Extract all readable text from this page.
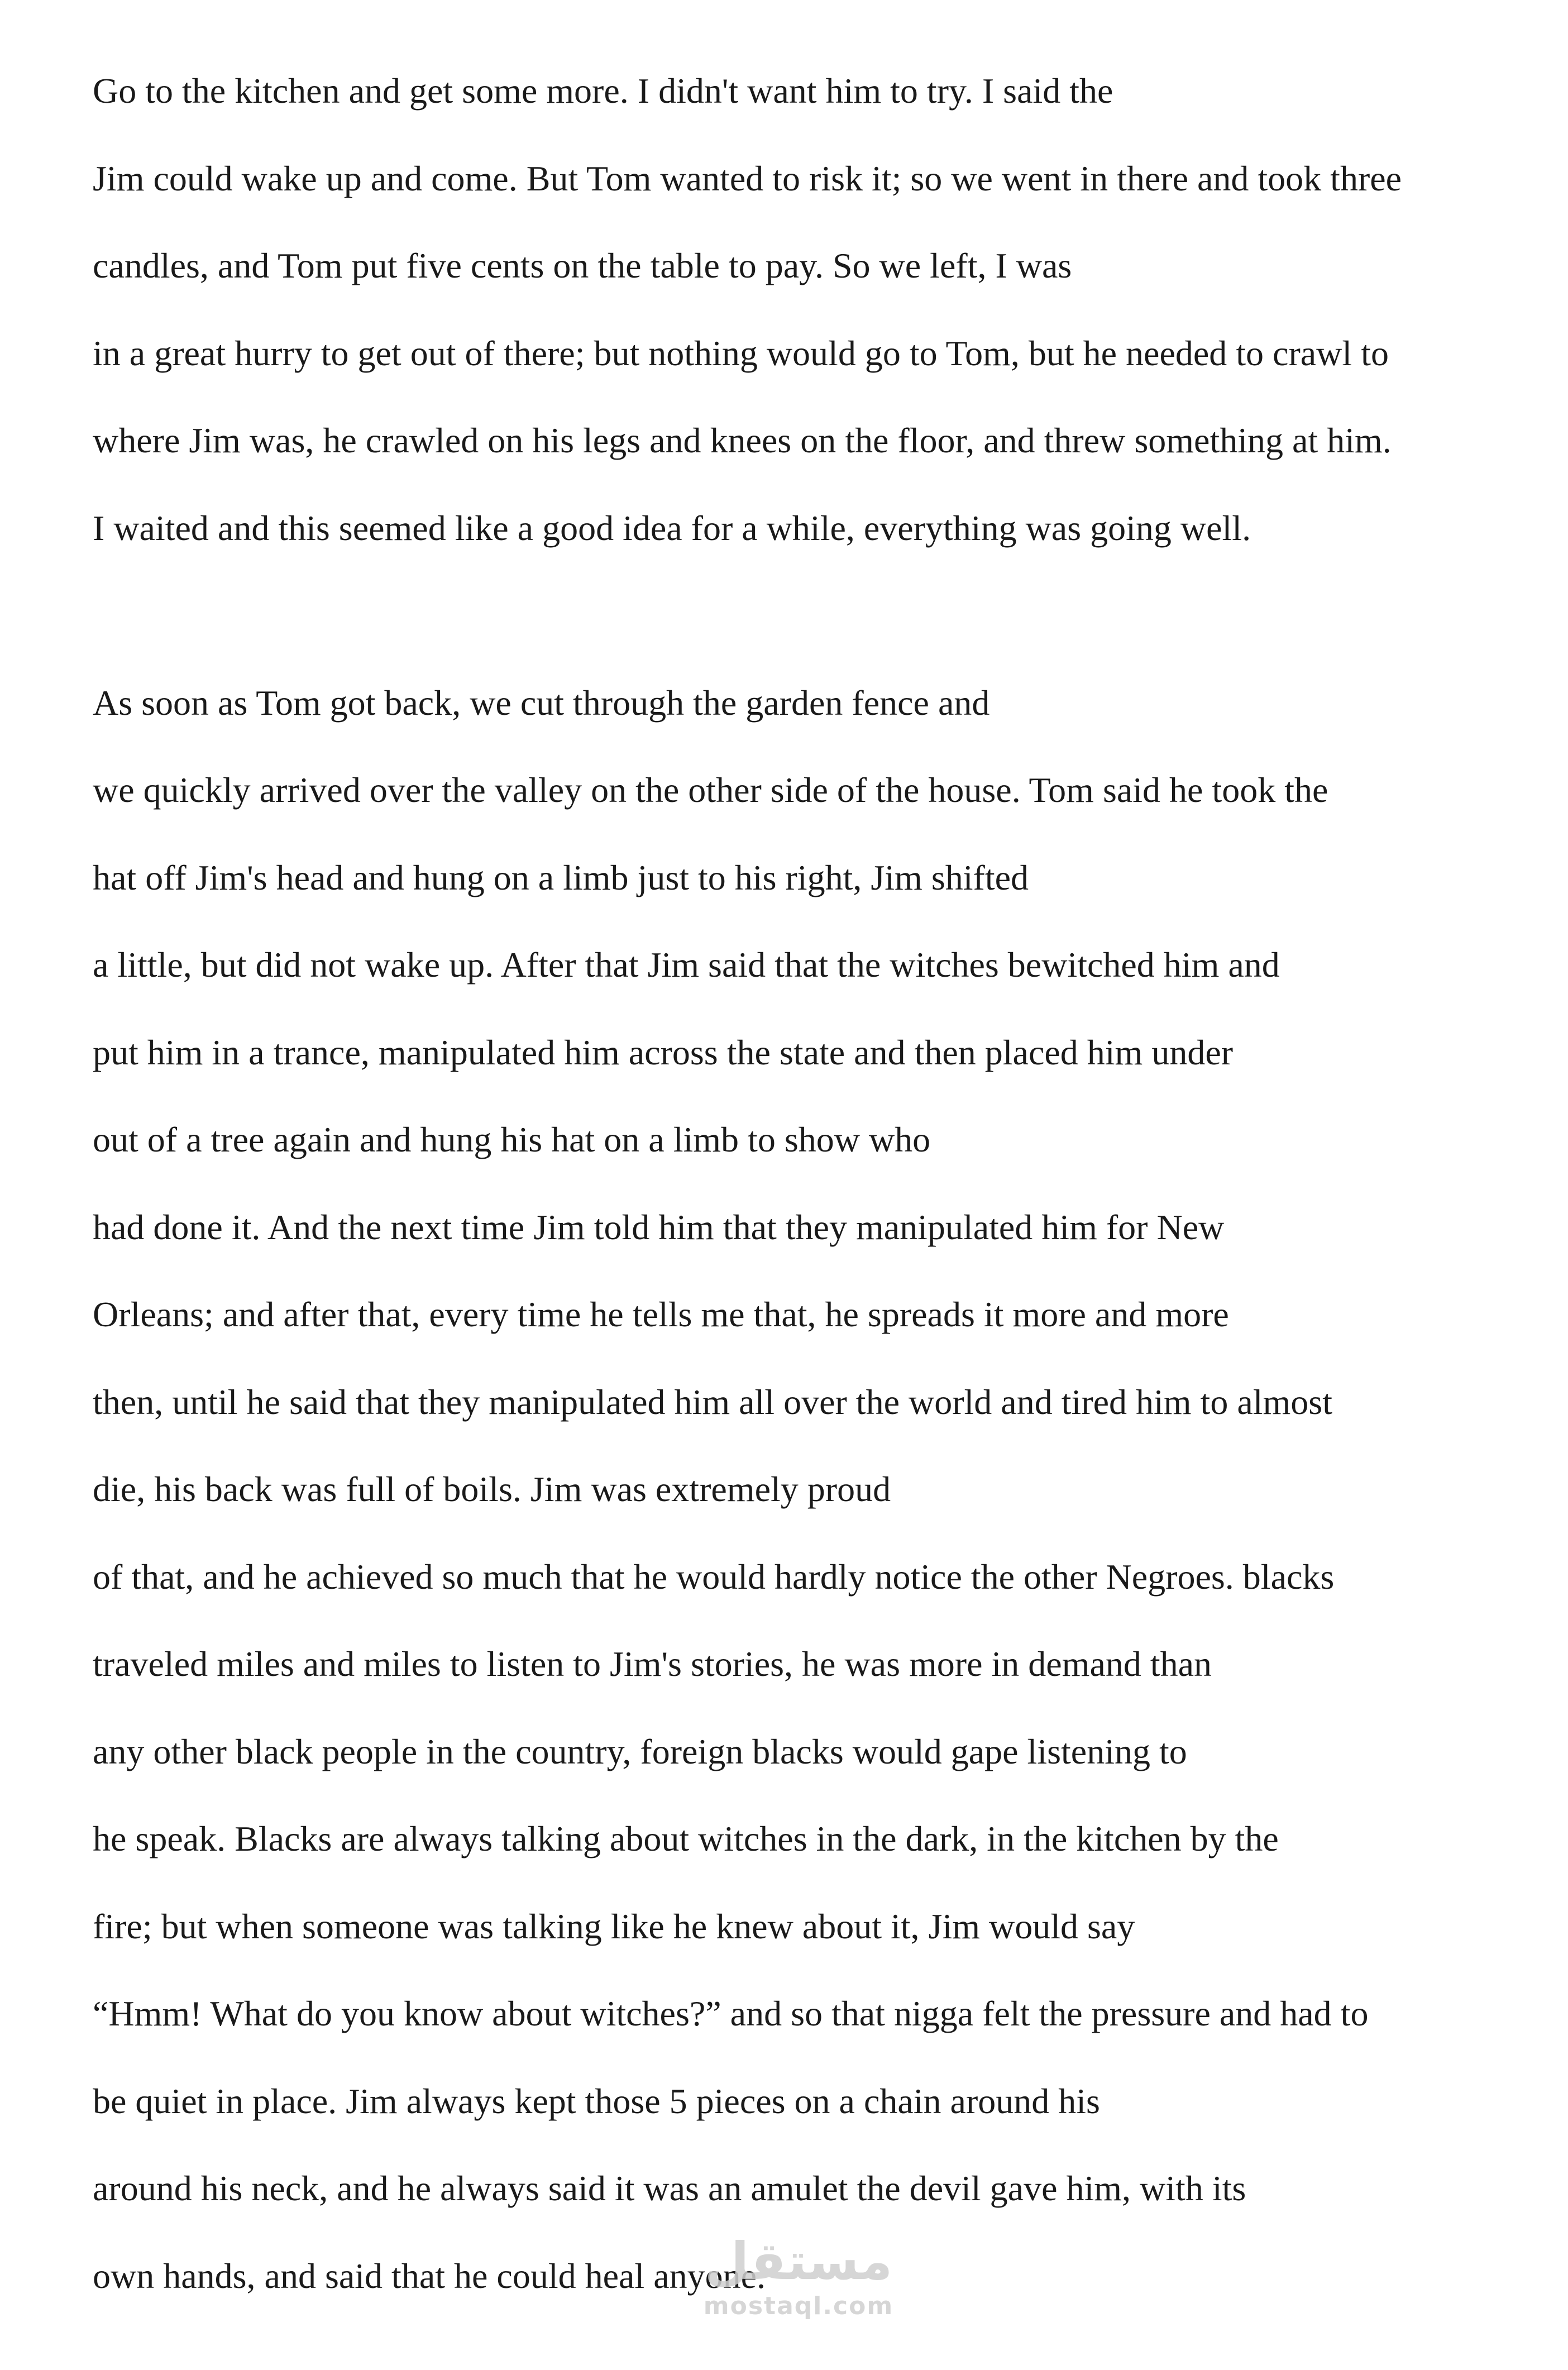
Go to the kitchen and get some more. I didn't want him to try. I said the
Jim could wake up and come. But Tom wanted to risk it; so we went in there and took three
candles, and Tom put five cents on the table to pay. So we left, I was
in a great hurry to get out of there; but nothing would go to Tom, but he needed to crawl to
where Jim was, he crawled on his legs and knees on the floor, and threw something at him.
I waited and this seemed like a good idea for a while, everything was going well.
As soon as Tom got back, we cut through the garden fence and
we quickly arrived over the valley on the other side of the house. Tom said he took the
hat off Jim's head and hung on a limb just to his right, Jim shifted
a little, but did not wake up. After that Jim said that the witches bewitched him and
put him in a trance, manipulated him across the state and then placed him under
out of a tree again and hung his hat on a limb to show who
had done it. And the next time Jim told him that they manipulated him for New
Orleans; and after that, every time he tells me that, he spreads it more and more
then, until he said that they manipulated him all over the world and tired him to almost
die, his back was full of boils. Jim was extremely proud
of that, and he achieved so much that he would hardly notice the other Negroes. blacks
traveled miles and miles to listen to Jim's stories, he was more in demand than
any other black people in the country, foreign blacks would gape listening to
he speak. Blacks are always talking about witches in the dark, in the kitchen by the
fire; but when someone was talking like he knew about it, Jim would say
“Hmm! What do you know about witches?” and so that nigga felt the pressure and had to
be quiet in place. Jim always kept those 5 pieces on a chain around his
around his neck, and he always said it was an amulet the devil gave him, with its
own hands, and said that he could heal anyone.
مستقل
mostaql.com
